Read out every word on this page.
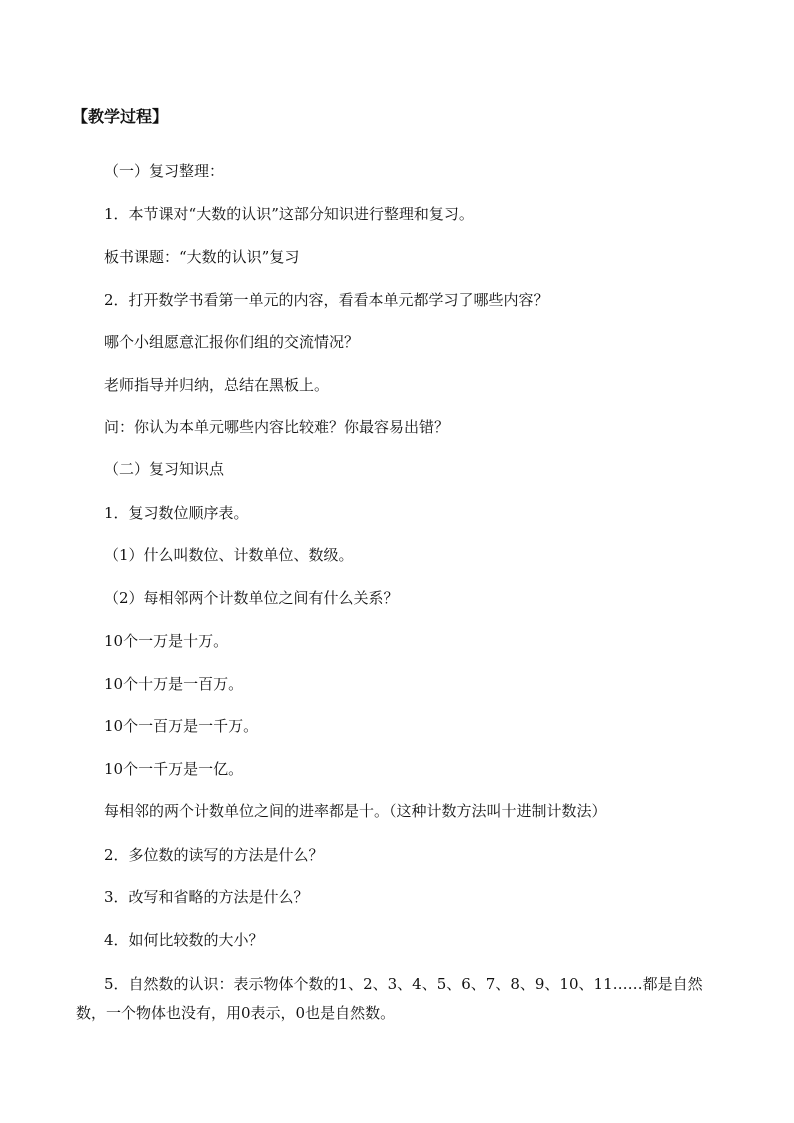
【教学过程】
（一）复习整理：
1．本节课对“大数的认识”这部分知识进行整理和复习。
板书课题：“大数的认识”复习
2．打开数学书看第一单元的内容，看看本单元都学习了哪些内容？
哪个小组愿意汇报你们组的交流情况？
老师指导并归纳，总结在黑板上。
问：你认为本单元哪些内容比较难？你最容易出错？
（二）复习知识点
1．复习数位顺序表。
（1）什么叫数位、计数单位、数级。
（2）每相邻两个计数单位之间有什么关系？
10个一万是十万。
10个十万是一百万。
10个一百万是一千万。
10个一千万是一亿。
每相邻的两个计数单位之间的进率都是十。（这种计数方法叫十进制计数法）
2．多位数的读写的方法是什么？
3．改写和省略的方法是什么？
4．如何比较数的大小？
5．自然数的认识：表示物体个数的1、2、3、4、5、6、7、8、9、10、11……都是自然数，一个物体也没有，用0表示，0也是自然数。
